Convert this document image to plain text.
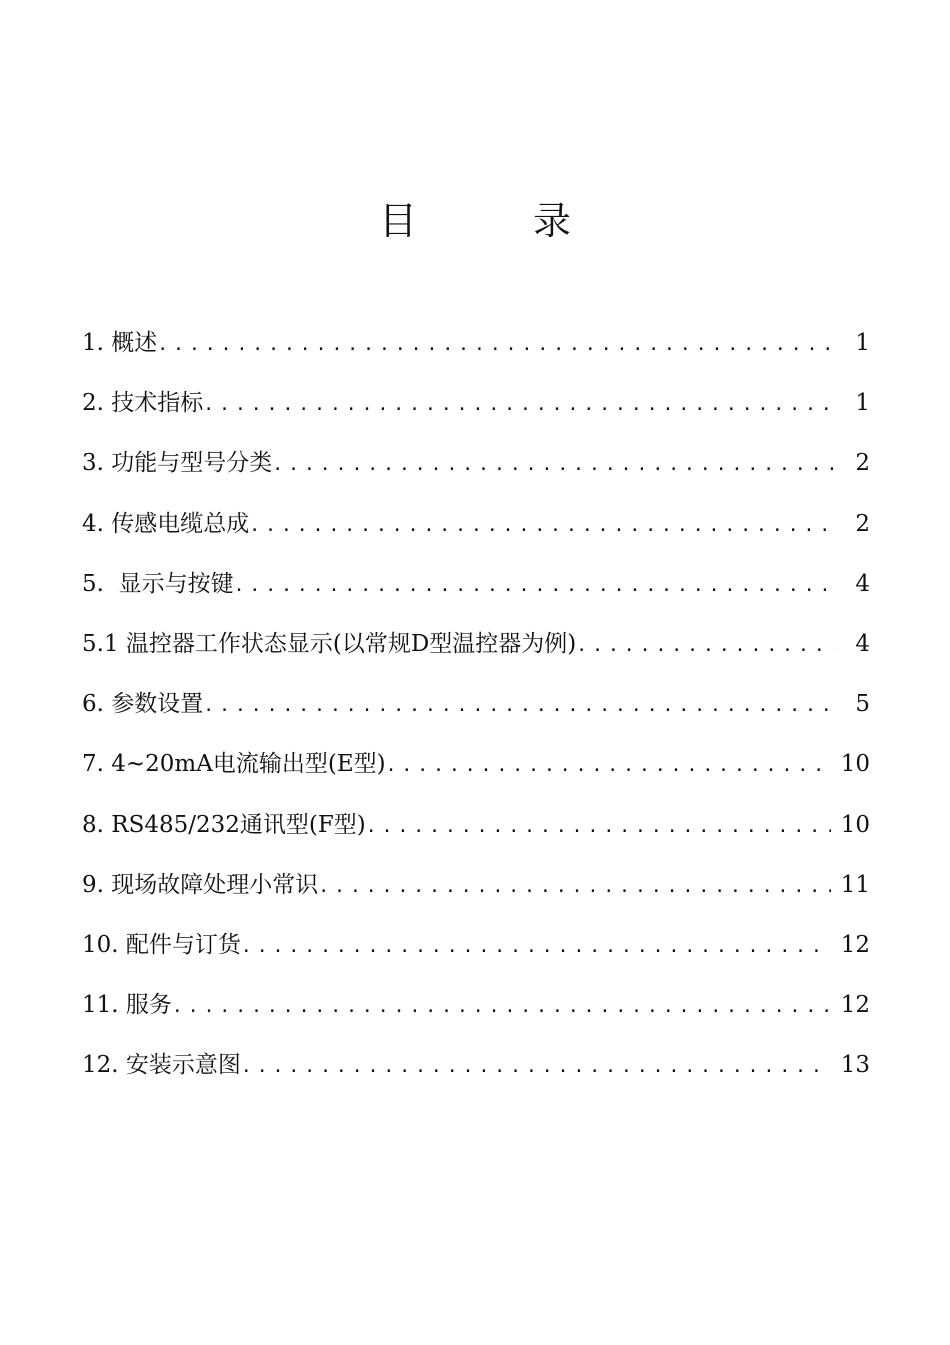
目 录
1. 概述 .....	1
2. 技术指标 .....	1
3. 功能与型号分类 .....	2
4. 传感电缆总成 .....	2
5.  显示与按键 .....	4
5.1 温控器工作状态显示(以常规D型温控器为例) .....	4
6. 参数设置 .....	5
7. 4~20mA电流输出型(E型) .....	10
8. RS485/232通讯型(F型) .....	10
9. 现场故障处理小常识 .....	11
10. 配件与订货 .....	12
11. 服务 .....	12
12. 安装示意图 .....	13
